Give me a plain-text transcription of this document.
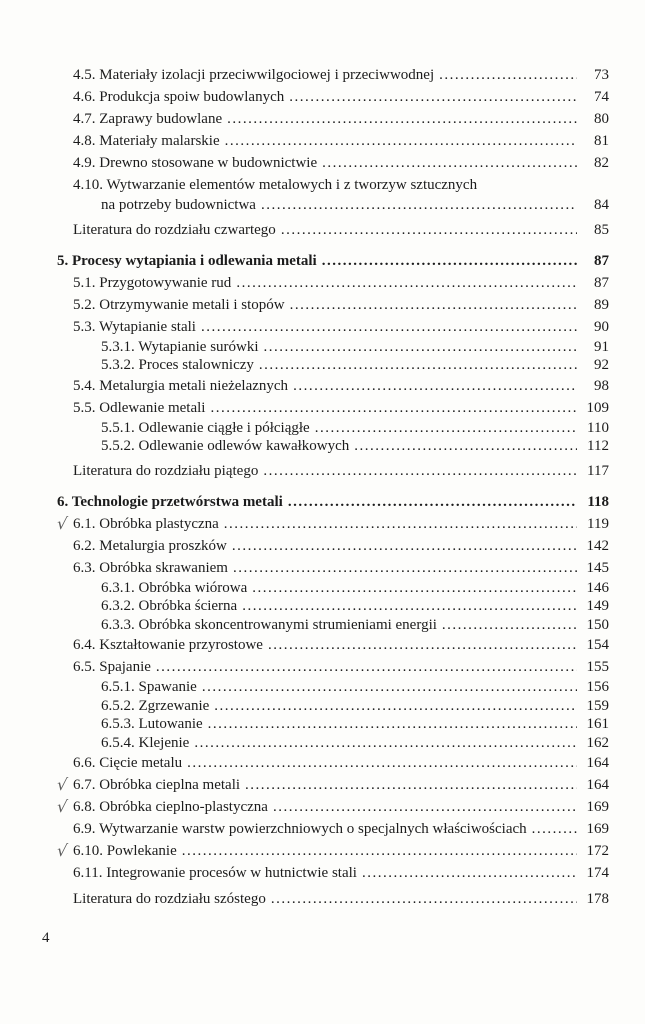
4.5. Materiały izolacji przeciwwilgociowej i przeciwwodnej .....	73
4.6. Produkcja spoiw budowlanych .....	74
4.7. Zaprawy budowlane .....	80
4.8. Materiały malarskie .....	81
4.9. Drewno stosowane w budownictwie .....	82
4.10. Wytwarzanie elementów metalowych i z tworzyw sztucznych
na potrzeby budownictwa .....	84
Literatura do rozdziału czwartego .....	85
5. Procesy wytapiania i odlewania metali .....	87
5.1. Przygotowywanie rud .....	87
5.2. Otrzymywanie metali i stopów .....	89
5.3. Wytapianie stali .....	90
5.3.1. Wytapianie surówki .....	91
5.3.2. Proces stalowniczy .....	92
5.4. Metalurgia metali nieżelaznych .....	98
5.5. Odlewanie metali .....	109
5.5.1. Odlewanie ciągłe i półciągłe .....	110
5.5.2. Odlewanie odlewów kawałkowych .....	112
Literatura do rozdziału piątego .....	117
6. Technologie przetwórstwa metali .....	118
√ 6.1. Obróbka plastyczna .....	119
6.2. Metalurgia proszków .....	142
6.3. Obróbka skrawaniem .....	145
6.3.1. Obróbka wiórowa .....	146
6.3.2. Obróbka ścierna .....	149
6.3.3. Obróbka skoncentrowanymi strumieniami energii .....	150
6.4. Kształtowanie przyrostowe .....	154
6.5. Spajanie .....	155
6.5.1. Spawanie .....	156
6.5.2. Zgrzewanie .....	159
6.5.3. Lutowanie .....	161
6.5.4. Klejenie .....	162
6.6. Cięcie metalu .....	164
√ 6.7. Obróbka cieplna metali .....	164
√ 6.8. Obróbka cieplno-plastyczna .....	169
6.9. Wytwarzanie warstw powierzchniowych o specjalnych właściwościach .....	169
√ 6.10. Powlekanie .....	172
6.11. Integrowanie procesów w hutnictwie stali .....	174
Literatura do rozdziału szóstego .....	178
4
